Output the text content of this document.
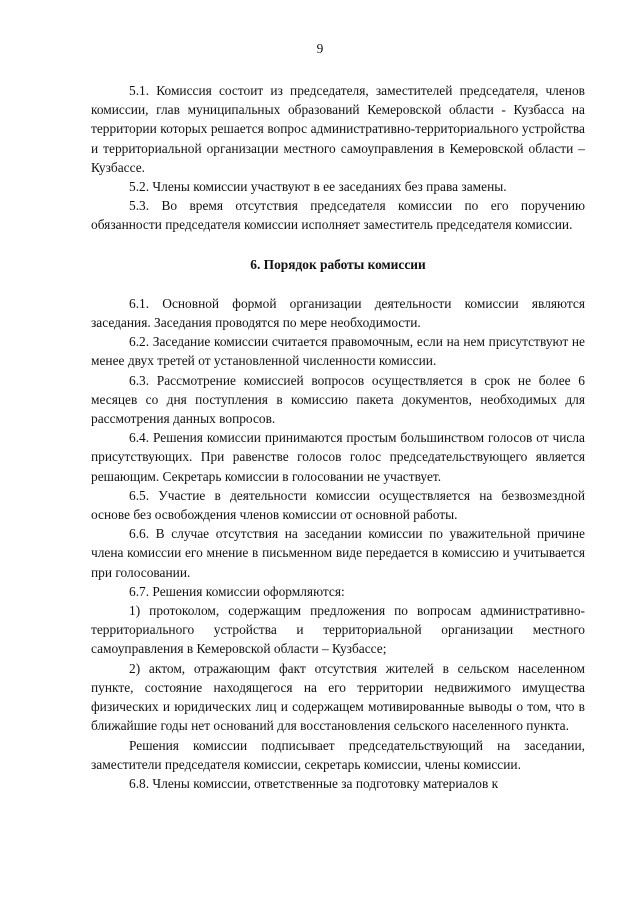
9

5.1. Комиссия состоит из председателя, заместителей председателя, членов комиссии, глав муниципальных образований Кемеровской области - Кузбасса на территории которых решается вопрос административно-территориального устройства и территориальной организации местного самоуправления в Кемеровской области – Кузбассе.

5.2. Члены комиссии участвуют в ее заседаниях без права замены.

5.3. Во время отсутствия председателя комиссии по его поручению обязанности председателя комиссии исполняет заместитель председателя комиссии.

6. Порядок работы комиссии

6.1. Основной формой организации деятельности комиссии являются заседания. Заседания проводятся по мере необходимости.

6.2. Заседание комиссии считается правомочным, если на нем присутствуют не менее двух третей от установленной численности комиссии.

6.3. Рассмотрение комиссией вопросов осуществляется в срок не более 6 месяцев со дня поступления в комиссию пакета документов, необходимых для рассмотрения данных вопросов.

6.4. Решения комиссии принимаются простым большинством голосов от числа присутствующих. При равенстве голосов голос председательствующего является решающим. Секретарь комиссии в голосовании не участвует.

6.5. Участие в деятельности комиссии осуществляется на безвозмездной основе без освобождения членов комиссии от основной работы.

6.6. В случае отсутствия на заседании комиссии по уважительной причине члена комиссии его мнение в письменном виде передается в комиссию и учитывается при голосовании.

6.7. Решения комиссии оформляются:

1) протоколом, содержащим предложения по вопросам административно-территориального устройства и территориальной организации местного самоуправления в Кемеровской области – Кузбассе;

2) актом, отражающим факт отсутствия жителей в сельском населенном пункте, состояние находящегося на его территории недвижимого имущества физических и юридических лиц и содержащем мотивированные выводы о том, что в ближайшие годы нет оснований для восстановления сельского населенного пункта.

Решения комиссии подписывает председательствующий на заседании, заместители председателя комиссии, секретарь комиссии, члены комиссии.

6.8. Члены комиссии, ответственные за подготовку материалов к
